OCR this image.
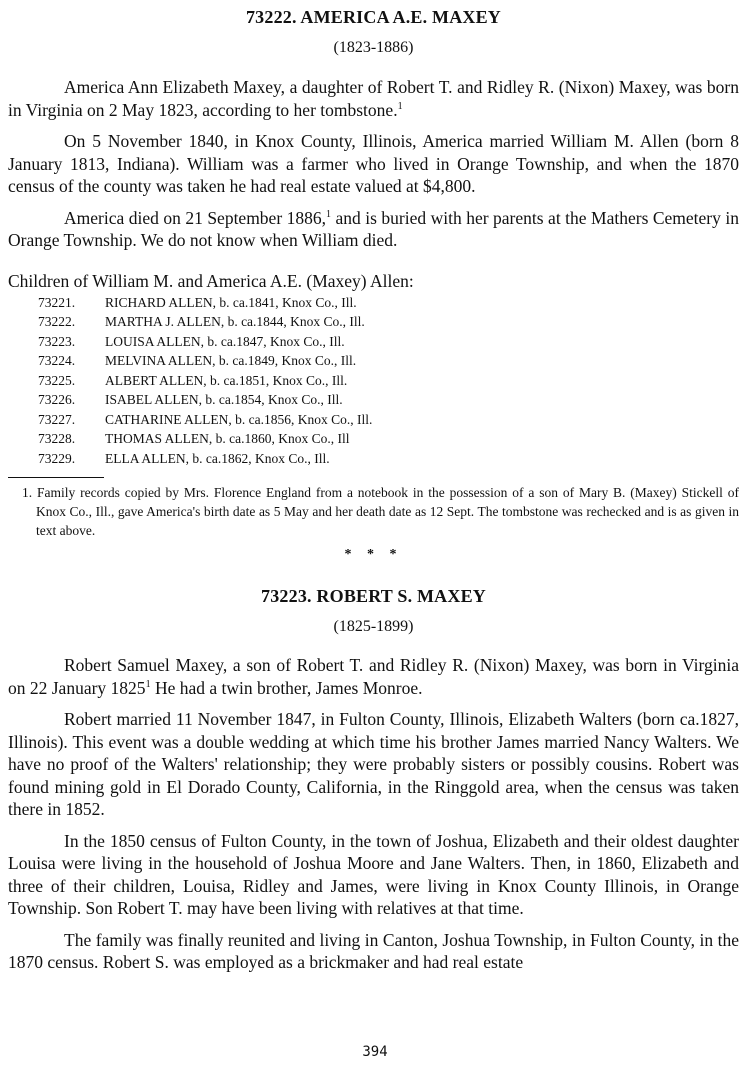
73222. AMERICA A.E. MAXEY

(1823-1886)

America Ann Elizabeth Maxey, a daughter of Robert T. and Ridley R. (Nixon) Maxey, was born in Virginia on 2 May 1823, according to her tombstone.$^1$

On 5 November 1840, in Knox County, Illinois, America married William M. Allen (born 8 January 1813, Indiana). William was a farmer who lived in Orange Township, and when the 1870 census of the county was taken he had real estate valued at $4,800.

America died on 21 September 1886,$^1$ and is buried with her parents at the Mathers Cemetery in Orange Township. We do not know when William died.

Children of William M. and America A.E. (Maxey) Allen:

73221.	RICHARD ALLEN, b. ca.1841, Knox Co., Ill.
73222.	MARTHA J. ALLEN, b. ca.1844, Knox Co., Ill.
73223.	LOUISA ALLEN, b. ca.1847, Knox Co., Ill.
73224.	MELVINA ALLEN, b. ca.1849, Knox Co., Ill.
73225.	ALBERT ALLEN, b. ca.1851, Knox Co., Ill.
73226.	ISABEL ALLEN, b. ca.1854, Knox Co., Ill.
73227.	CATHARINE ALLEN, b. ca.1856, Knox Co., Ill.
73228.	THOMAS ALLEN, b. ca.1860, Knox Co., Ill
73229.	ELLA ALLEN, b. ca.1862, Knox Co., Ill.

1. Family records copied by Mrs. Florence England from a notebook in the possession of a son of Mary B. (Maxey) Stickell of Knox Co., Ill., gave America's birth date as 5 May and her death date as 12 Sept. The tombstone was rechecked and is as given in text above.

* * *

73223. ROBERT S. MAXEY

(1825-1899)

Robert Samuel Maxey, a son of Robert T. and Ridley R. (Nixon) Maxey, was born in Virginia on 22 January 1825$^1$ He had a twin brother, James Monroe.

Robert married 11 November 1847, in Fulton County, Illinois, Elizabeth Walters (born ca.1827, Illinois). This event was a double wedding at which time his brother James married Nancy Walters. We have no proof of the Walters' relationship; they were probably sisters or possibly cousins. Robert was found mining gold in El Dorado County, California, in the Ringgold area, when the census was taken there in 1852.

In the 1850 census of Fulton County, in the town of Joshua, Elizabeth and their oldest daughter Louisa were living in the household of Joshua Moore and Jane Walters. Then, in 1860, Elizabeth and three of their children, Louisa, Ridley and James, were living in Knox County Illinois, in Orange Township. Son Robert T. may have been living with relatives at that time.

The family was finally reunited and living in Canton, Joshua Township, in Fulton County, in the 1870 census. Robert S. was employed as a brickmaker and had real estate

394
